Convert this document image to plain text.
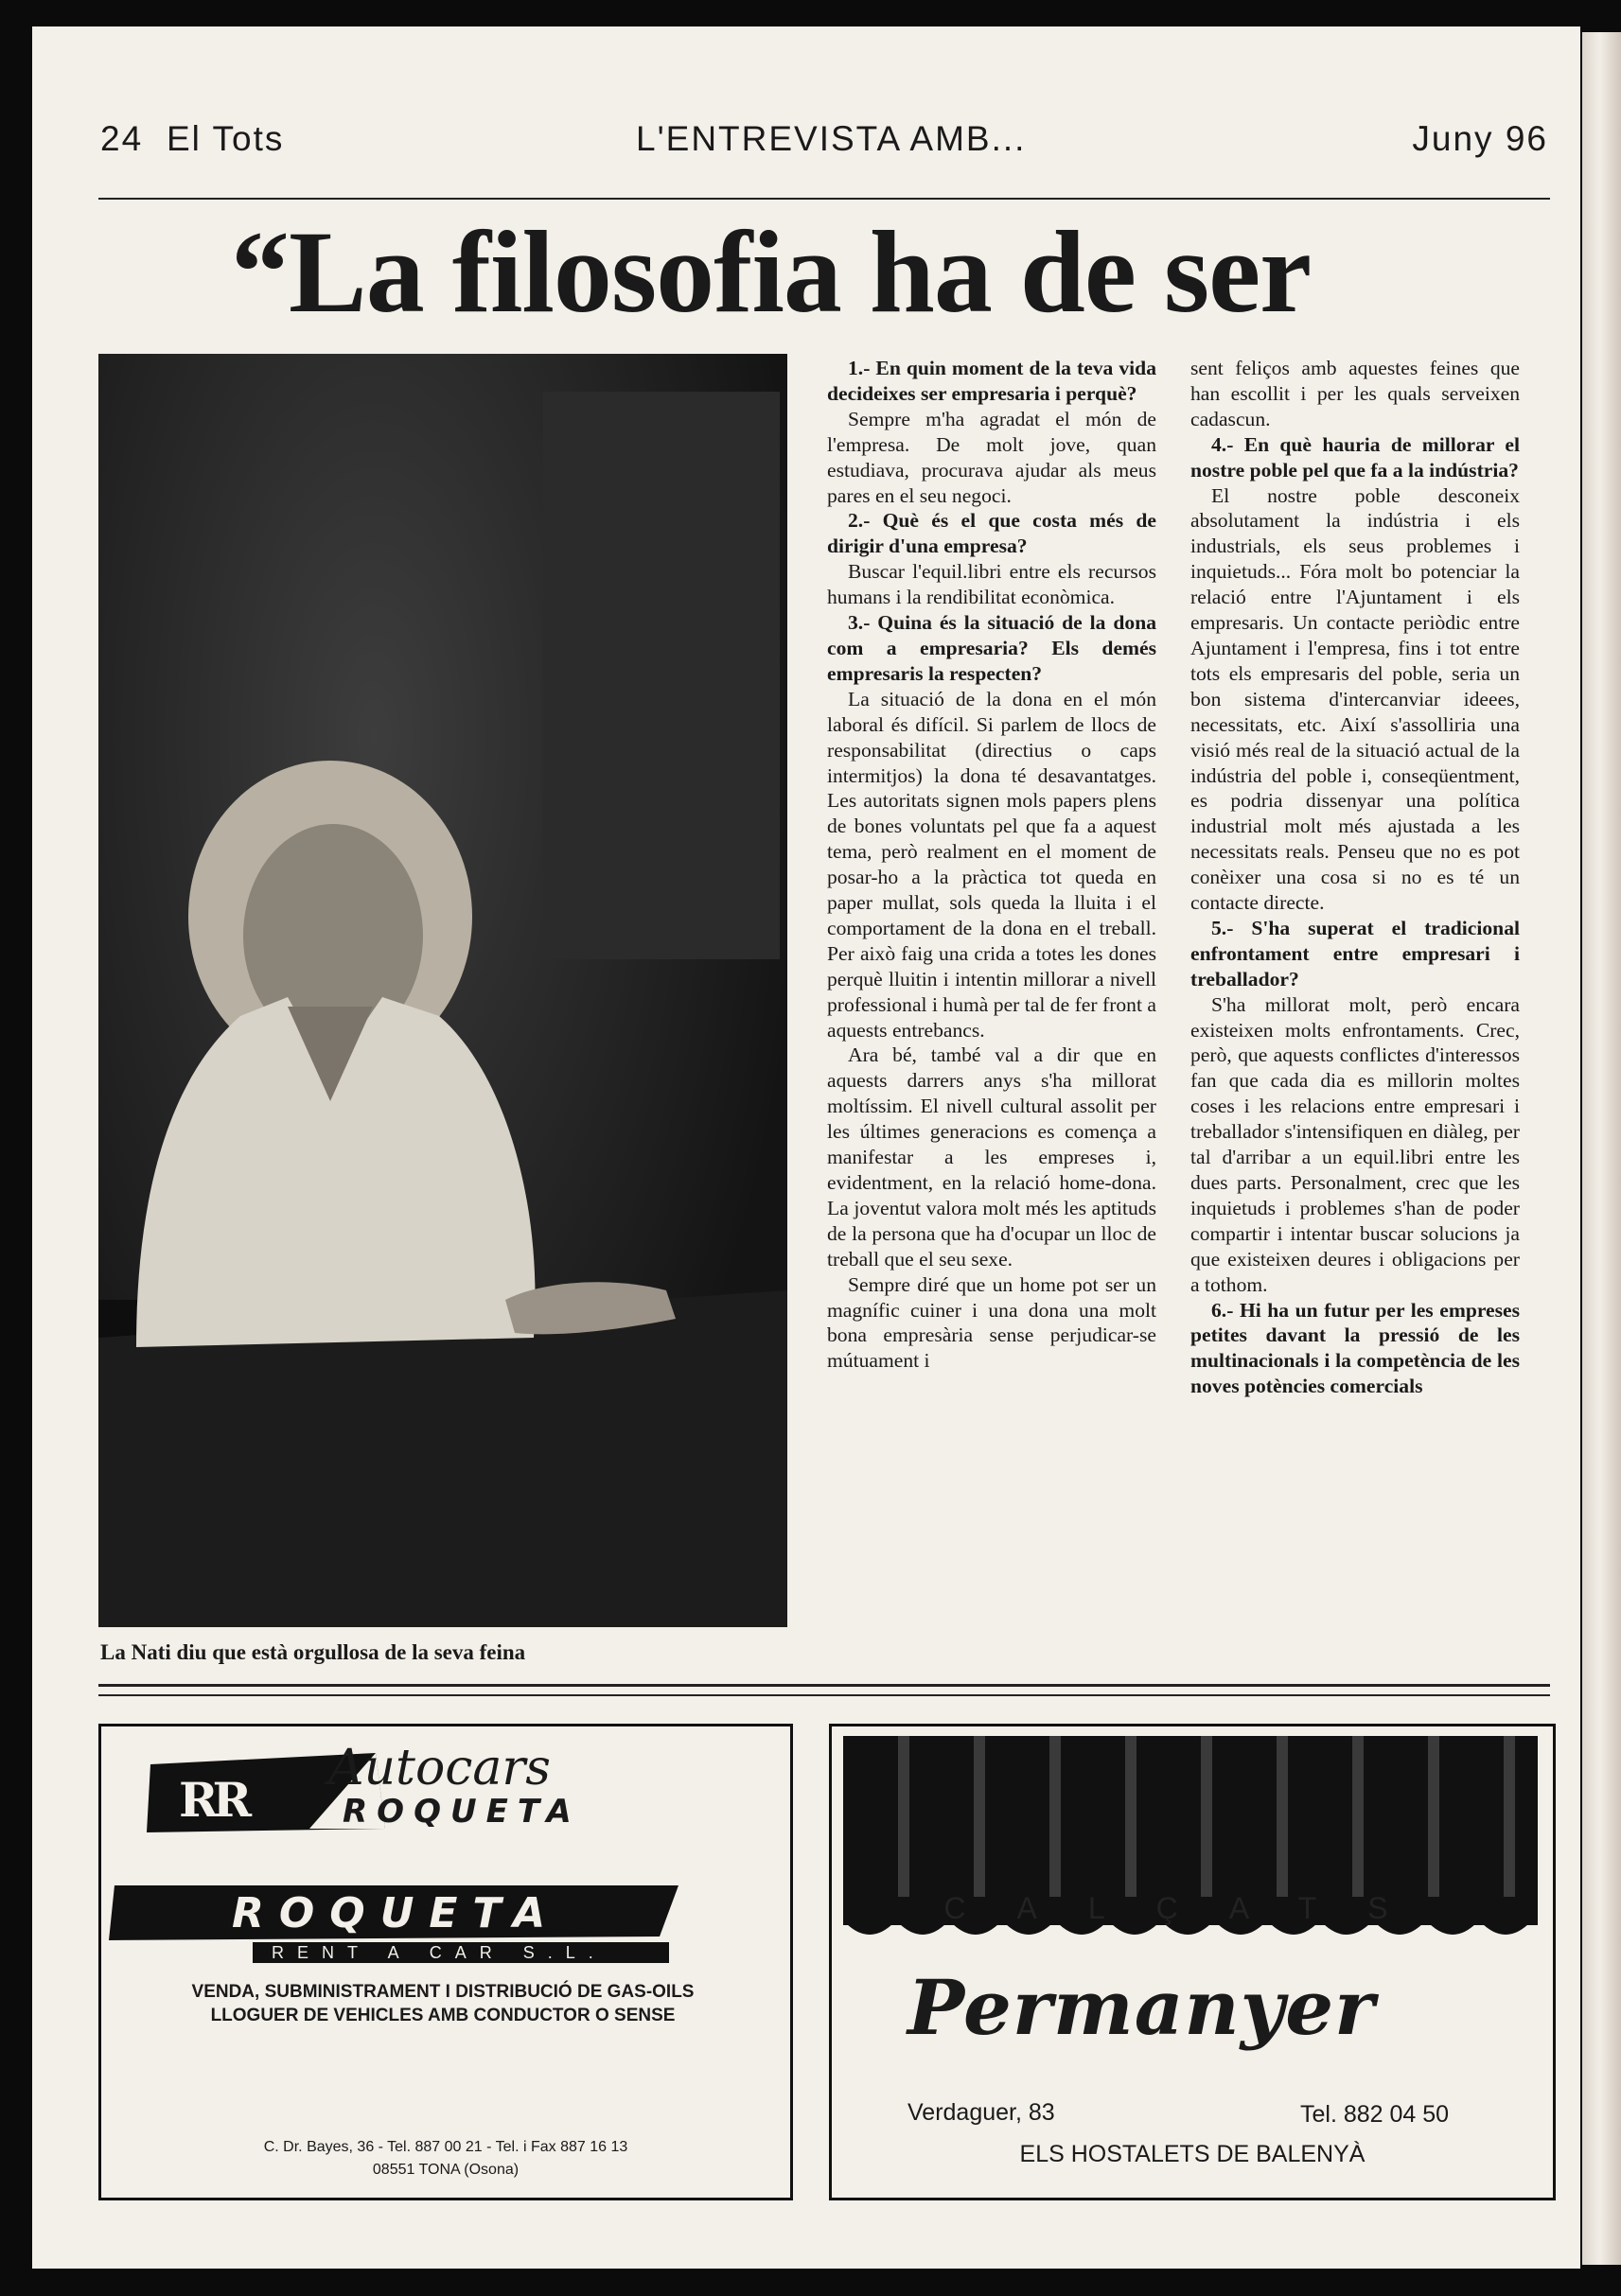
24 El Tots	L'ENTREVISTA AMB...	Juny 96
“La filosofia ha de ser
La Nati diu que està orgullosa de la seva feina

1.- En quin moment de la teva vida decideixes ser empresaria i perquè?

Sempre m'ha agradat el món de l'empresa. De molt jove, quan estudiava, procurava ajudar als meus pares en el seu negoci.

2.- Què és el que costa més de dirigir d'una empresa?

Buscar l'equil.libri entre els recursos humans i la rendibilitat econòmica.

3.- Quina és la situació de la dona com a empresaria? Els demés empresaris la respecten?

La situació de la dona en el món laboral és difícil. Si parlem de llocs de responsabilitat (directius o caps intermitjos) la dona té desavantatges. Les autoritats signen mols papers plens de bones voluntats pel que fa a aquest tema, però realment en el moment de posar-ho a la pràctica tot queda en paper mullat, sols queda la lluita i el comportament de la dona en el treball. Per això faig una crida a totes les dones perquè lluitin i intentin millorar a nivell professional i humà per tal de fer front a aquests entrebancs.

Ara bé, també val a dir que en aquests darrers anys s'ha millorat moltíssim. El nivell cultural assolit per les últimes generacions es comença a manifestar a les empreses i, evidentment, en la relació home-dona. La joventut valora molt més les aptituds de la persona que ha d'ocupar un lloc de treball que el seu sexe.

Sempre diré que un home pot ser un magnífic cuiner i una dona una molt bona empresària sense perjudicar-se mútuament i

sent feliços amb aquestes feines que han escollit i per les quals serveixen cadascun.

4.- En què hauria de millorar el nostre poble pel que fa a la indústria?

El nostre poble desconeix absolutament la indústria i els industrials, els seus problemes i inquietuds... Fóra molt bo potenciar la relació entre l'Ajuntament i els empresaris. Un contacte periòdic entre Ajuntament i l'empresa, fins i tot entre tots els empresaris del poble, seria un bon sistema d'intercanviar ideees, necessitats, etc. Així s'assolliria una visió més real de la situació actual de la indústria del poble i, conseqüentment, es podria dissenyar una política industrial molt més ajustada a les necessitats reals. Penseu que no es pot conèixer una cosa si no es té un contacte directe.

5.- S'ha superat el tradicional enfrontament entre empresari i treballador?

S'ha millorat molt, però encara existeixen molts enfrontaments. Crec, però, que aquests conflictes d'interessos fan que cada dia es millorin moltes coses i les relacions entre empresari i treballador s'intensifiquen en diàleg, per tal d'arribar a un equil.libri entre les dues parts. Personalment, crec que les inquietuds i problemes s'han de poder compartir i intentar buscar solucions ja que existeixen deures i obligacions per a tothom.

6.- Hi ha un futur per les empreses petites davant la pressió de les multinacionals i la competència de les noves potències comercials

RR
Autocars
ROQUETA
ROQUETA
RENT A CAR S.L.
VENDA, SUBMINISTRAMENT I DISTRIBUCIÓ DE GAS-OILS
LLOGUER DE VEHICLES AMB CONDUCTOR O SENSE
C. Dr. Bayes, 36 - Tel. 887 00 21 - Tel. i Fax 887 16 13
08551 TONA (Osona)
CALÇATS
Permanyer
Verdaguer, 83	Tel. 882 04 50
ELS HOSTALETS DE BALENYÀ
